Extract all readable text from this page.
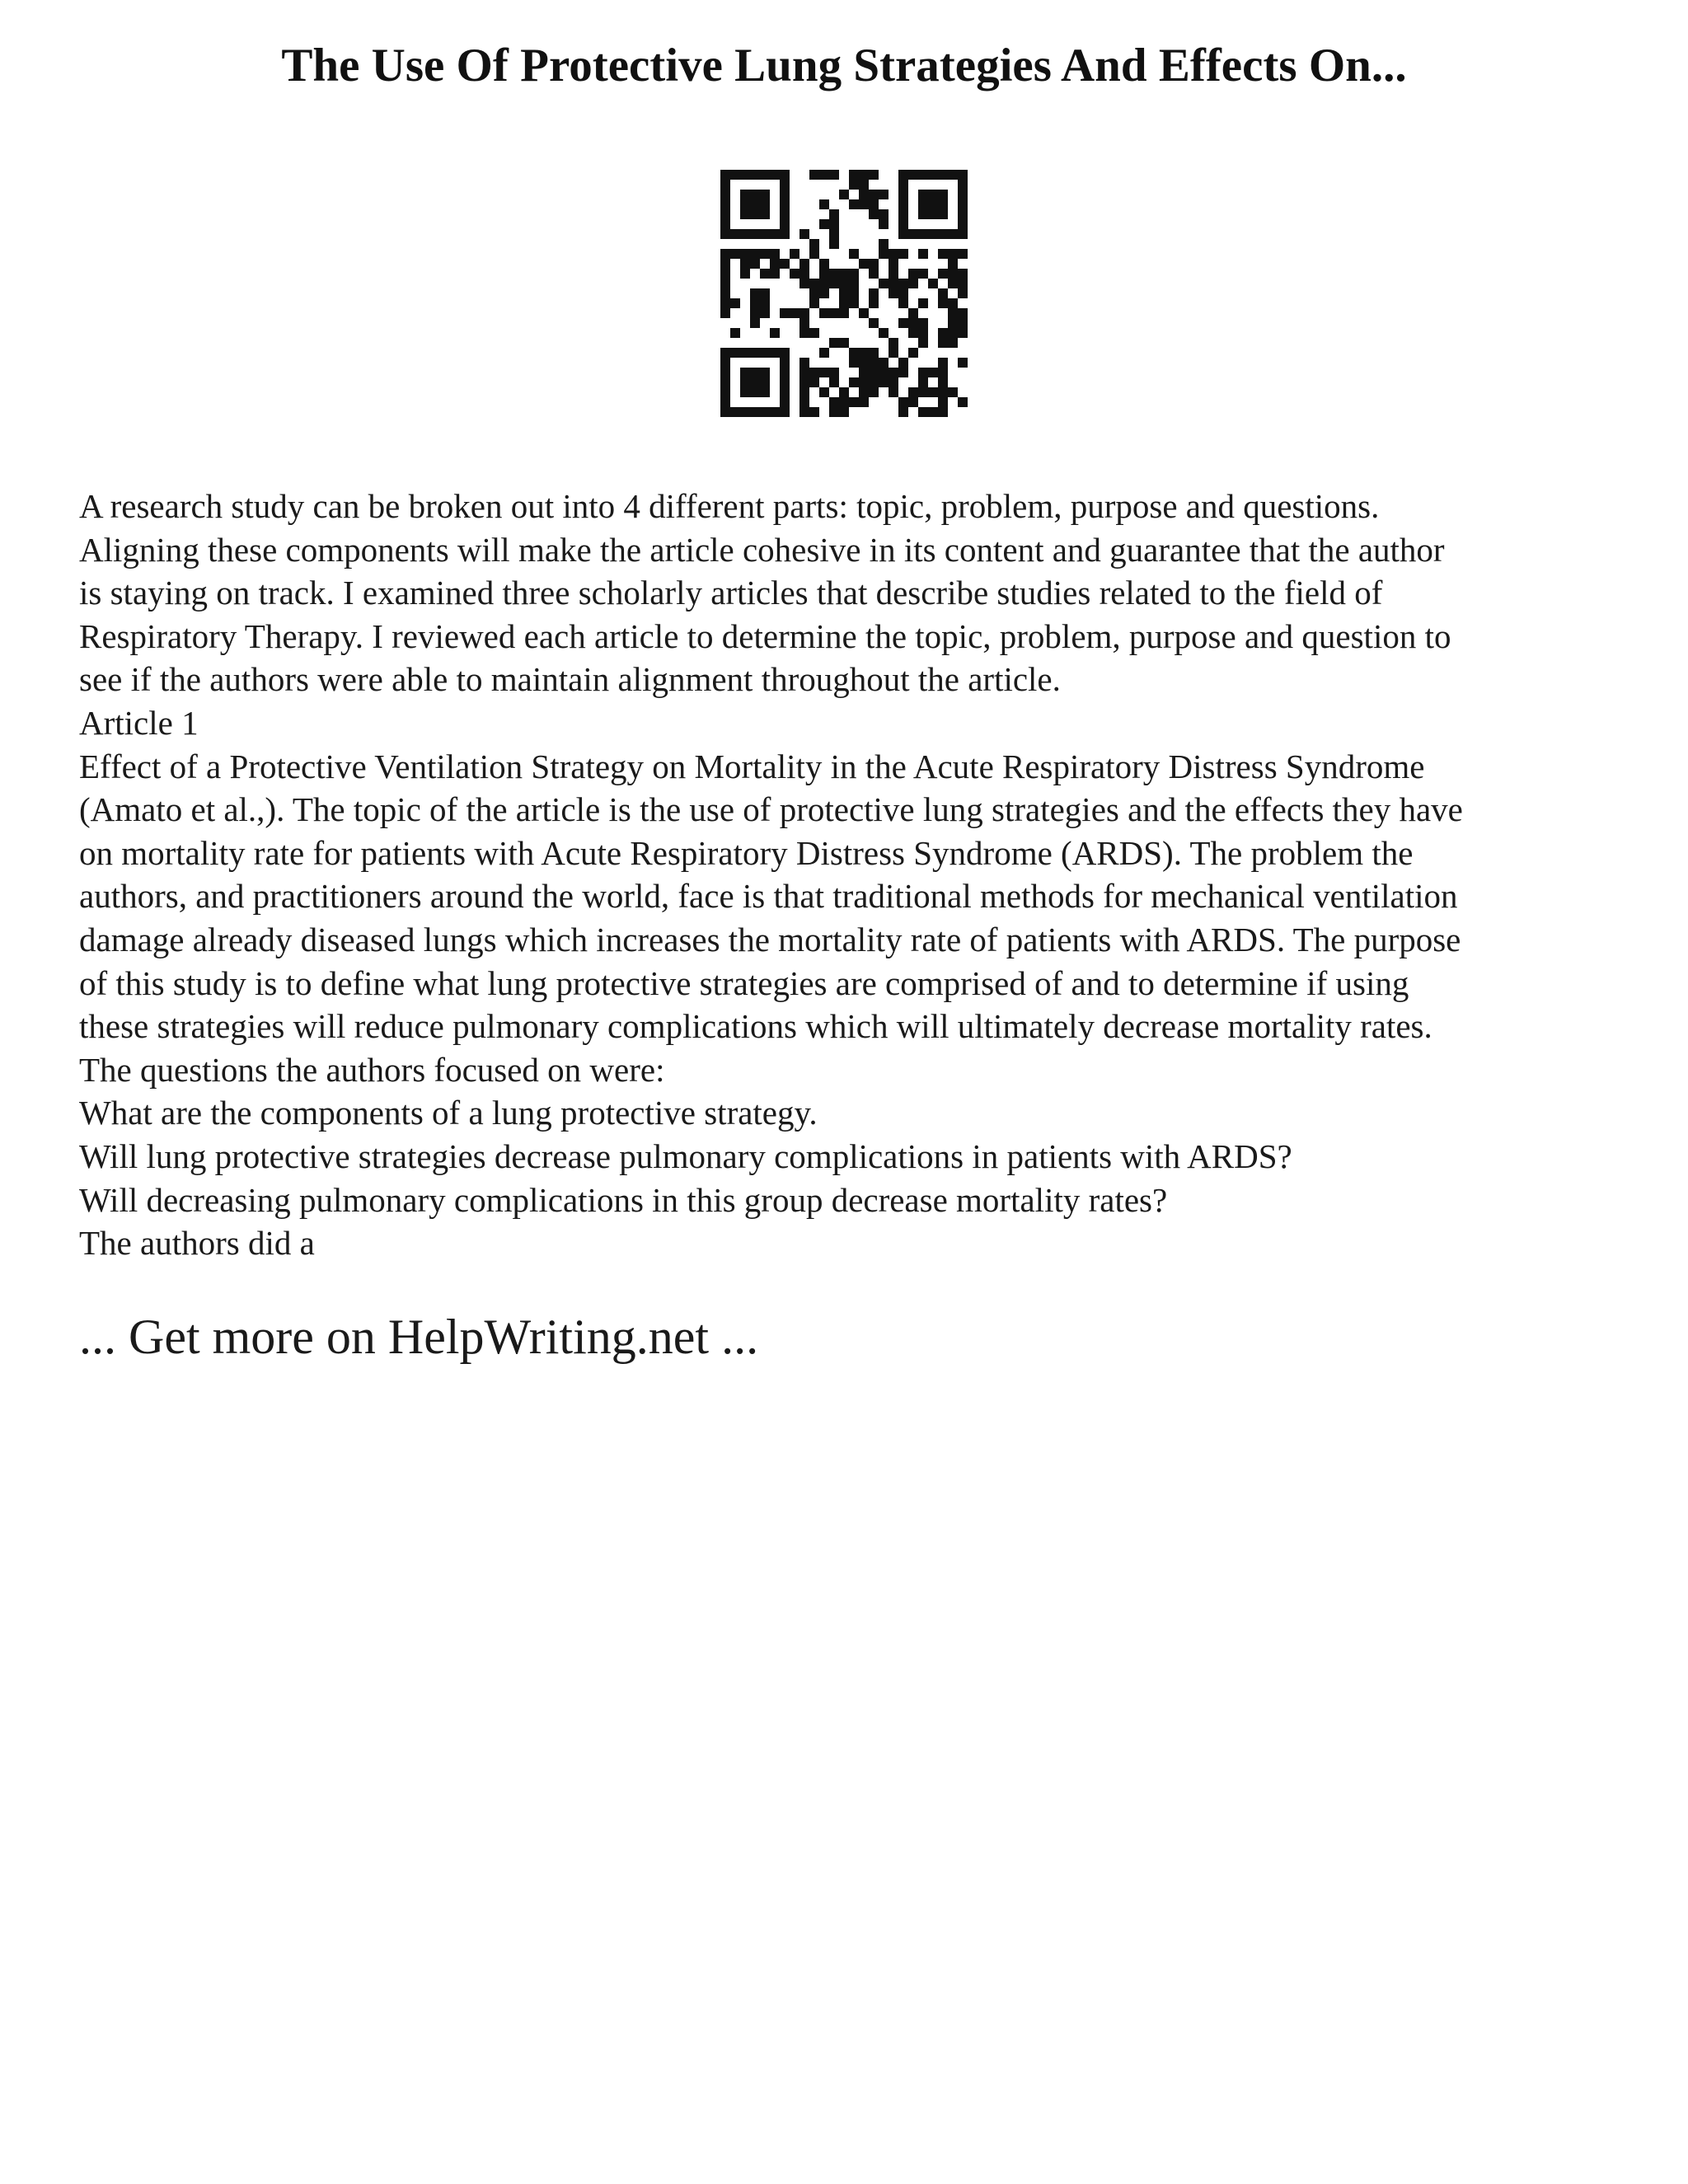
The Use Of Protective Lung Strategies And Effects On...
A research study can be broken out into 4 different parts: topic, problem, purpose and questions.
Aligning these components will make the article cohesive in its content and guarantee that the author
is staying on track. I examined three scholarly articles that describe studies related to the field of
Respiratory Therapy. I reviewed each article to determine the topic, problem, purpose and question to
see if the authors were able to maintain alignment throughout the article.
Article 1
Effect of a Protective Ventilation Strategy on Mortality in the Acute Respiratory Distress Syndrome
(Amato et al.,). The topic of the article is the use of protective lung strategies and the effects they have
on mortality rate for patients with Acute Respiratory Distress Syndrome (ARDS). The problem the
authors, and practitioners around the world, face is that traditional methods for mechanical ventilation
damage already diseased lungs which increases the mortality rate of patients with ARDS. The purpose
of this study is to define what lung protective strategies are comprised of and to determine if using
these strategies will reduce pulmonary complications which will ultimately decrease mortality rates.
The questions the authors focused on were:
What are the components of a lung protective strategy.
Will lung protective strategies decrease pulmonary complications in patients with ARDS?
Will decreasing pulmonary complications in this group decrease mortality rates?
The authors did a
... Get more on HelpWriting.net ...
